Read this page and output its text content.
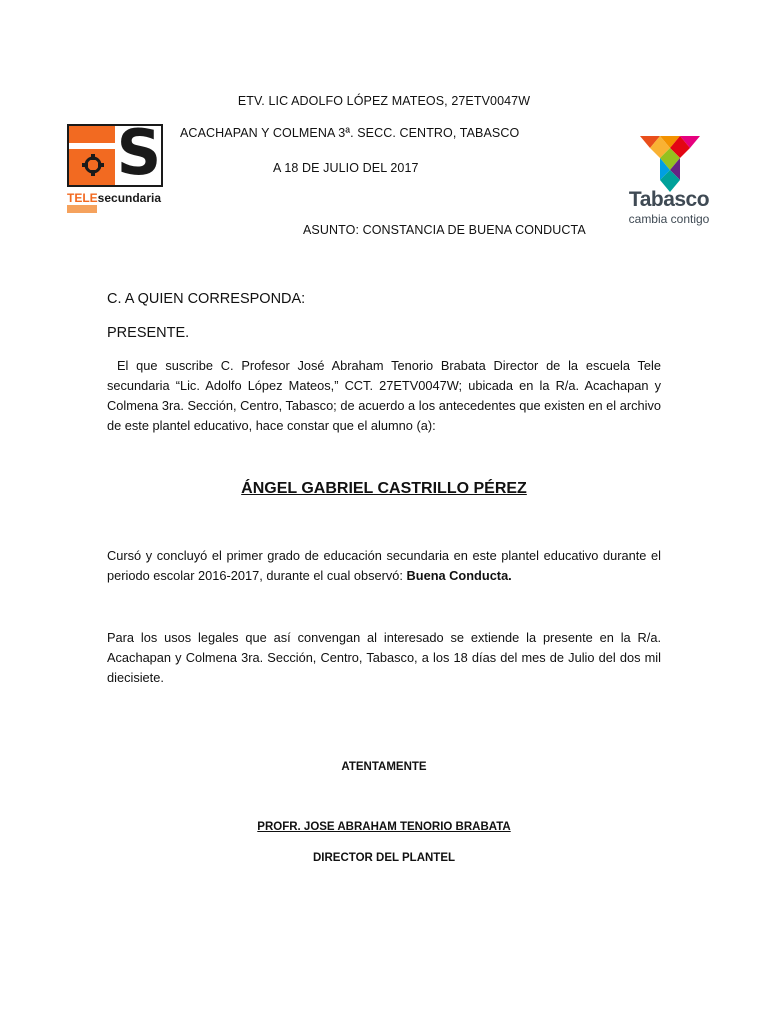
S
TELEsecundaria	Tabasco
cambia contigo
ETV. LIC ADOLFO LÓPEZ MATEOS, 27ETV0047W
ACACHAPAN Y COLMENA 3ª. SECC. CENTRO, TABASCO
A 18 DE JULIO DEL 2017
ASUNTO: CONSTANCIA DE BUENA CONDUCTA
C. A QUIEN CORRESPONDA:
PRESENTE.
El que suscribe C. Profesor José Abraham Tenorio Brabata Director de la escuela Tele secundaria “Lic. Adolfo López Mateos,” CCT. 27ETV0047W; ubicada en la R/a. Acachapan y Colmena 3ra. Sección, Centro, Tabasco; de acuerdo a los antecedentes que existen en el archivo de este plantel educativo, hace constar que el alumno (a):
ÁNGEL GABRIEL CASTRILLO PÉREZ
Cursó y concluyó el primer grado de educación secundaria en este plantel educativo durante el periodo escolar 2016-2017, durante el cual observó: Buena Conducta.
Para los usos legales que así convengan al interesado se extiende la presente en la R/a. Acachapan y Colmena 3ra. Sección, Centro, Tabasco, a los 18 días del mes de Julio del dos mil diecisiete.
ATENTAMENTE
PROFR. JOSE ABRAHAM TENORIO BRABATA
DIRECTOR DEL PLANTEL
